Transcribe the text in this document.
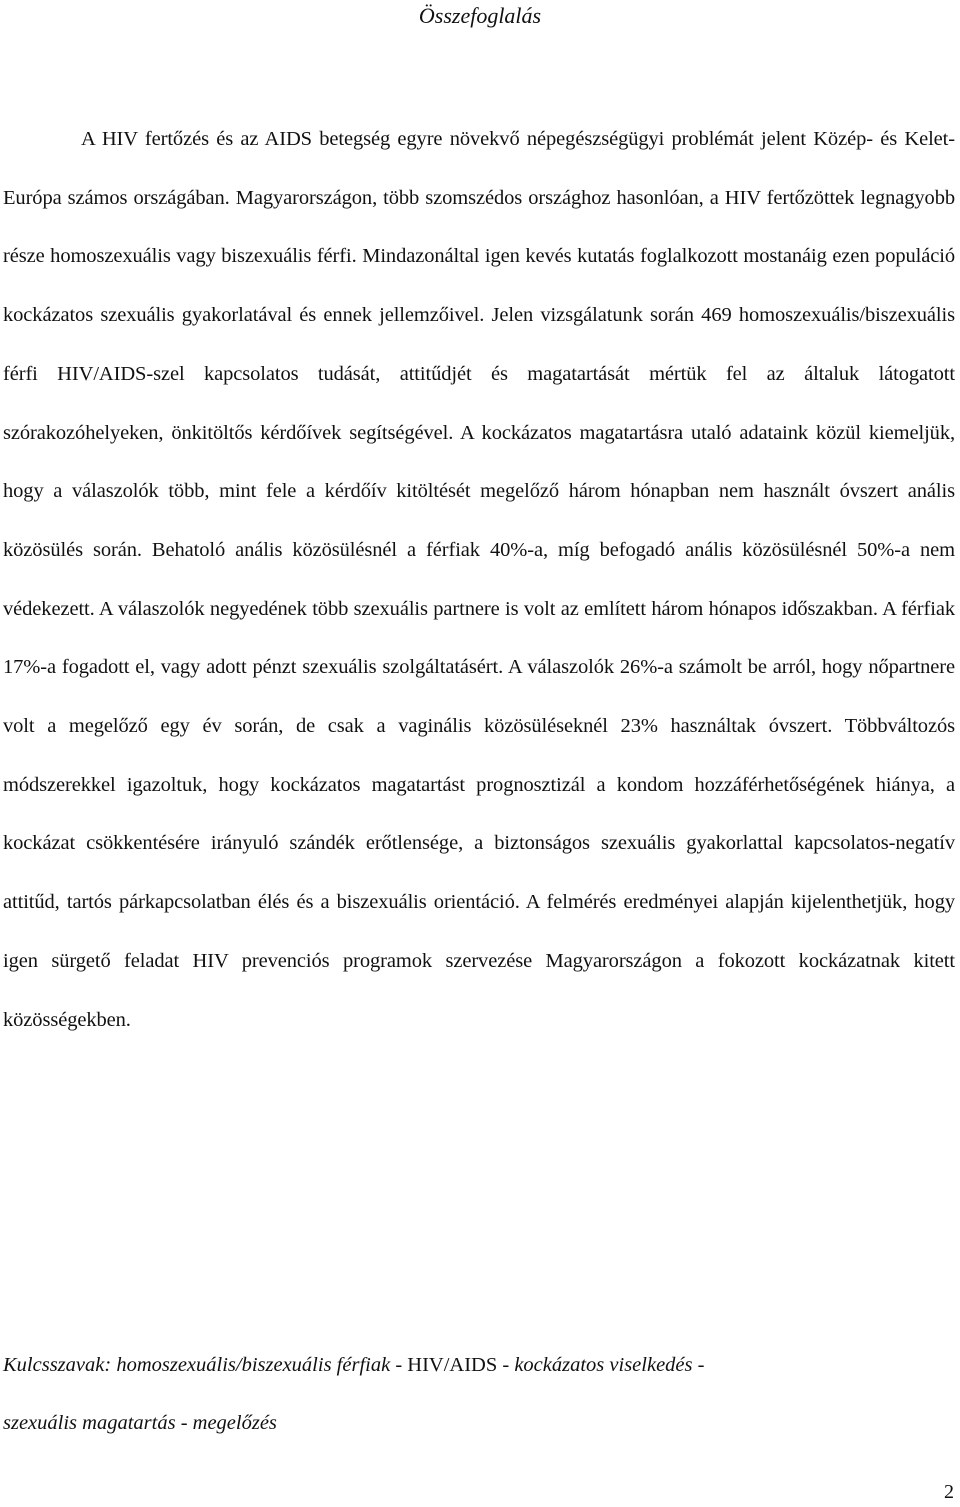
Összefoglalás

A HIV fertőzés és az AIDS betegség egyre növekvő népegészségügyi problémát jelent Közép- és Kelet-Európa számos országában. Magyarországon, több szomszédos országhoz hasonlóan, a HIV fertőzöttek legnagyobb része homoszexuális vagy biszexuális férfi. Mindazonáltal igen kevés kutatás foglalkozott mostanáig ezen populáció kockázatos szexuális gyakorlatával és ennek jellemzőivel. Jelen vizsgálatunk során 469 homoszexuális/biszexuális férfi HIV/AIDS-szel kapcsolatos tudását, attitűdjét és magatartását mértük fel az általuk látogatott szórakozóhelyeken, önkitöltős kérdőívek segítségével. A kockázatos magatartásra utaló adataink közül kiemeljük, hogy a válaszolók több, mint fele a kérdőív kitöltését megelőző három hónapban nem használt óvszert anális közösülés során. Behatoló anális közösülésnél a férfiak 40%-a, míg befogadó anális közösülésnél 50%-a nem védekezett. A válaszolók negyedének több szexuális partnere is volt az említett három hónapos időszakban. A férfiak 17%-a fogadott el, vagy adott pénzt szexuális szolgáltatásért. A válaszolók 26%-a számolt be arról, hogy nőpartnere volt a megelőző egy év során, de csak a vaginális közösüléseknél 23% használtak óvszert. Többváltozós módszerekkel igazoltuk, hogy kockázatos magatartást prognosztizál a kondom hozzáférhetőségének hiánya, a kockázat csökkentésére irányuló szándék erőtlensége, a biztonságos szexuális gyakorlattal kapcsolatos-negatív attitűd, tartós párkapcsolatban élés és a biszexuális orientáció. A felmérés eredményei alapján kijelenthetjük, hogy igen sürgető feladat HIV prevenciós programok szervezése Magyarországon a fokozott kockázatnak kitett közösségekben.

Kulcsszavak: homoszexuális/biszexuális férfiak - HIV/AIDS - kockázatos viselkedés -
szexuális magatartás - megelőzés

2
